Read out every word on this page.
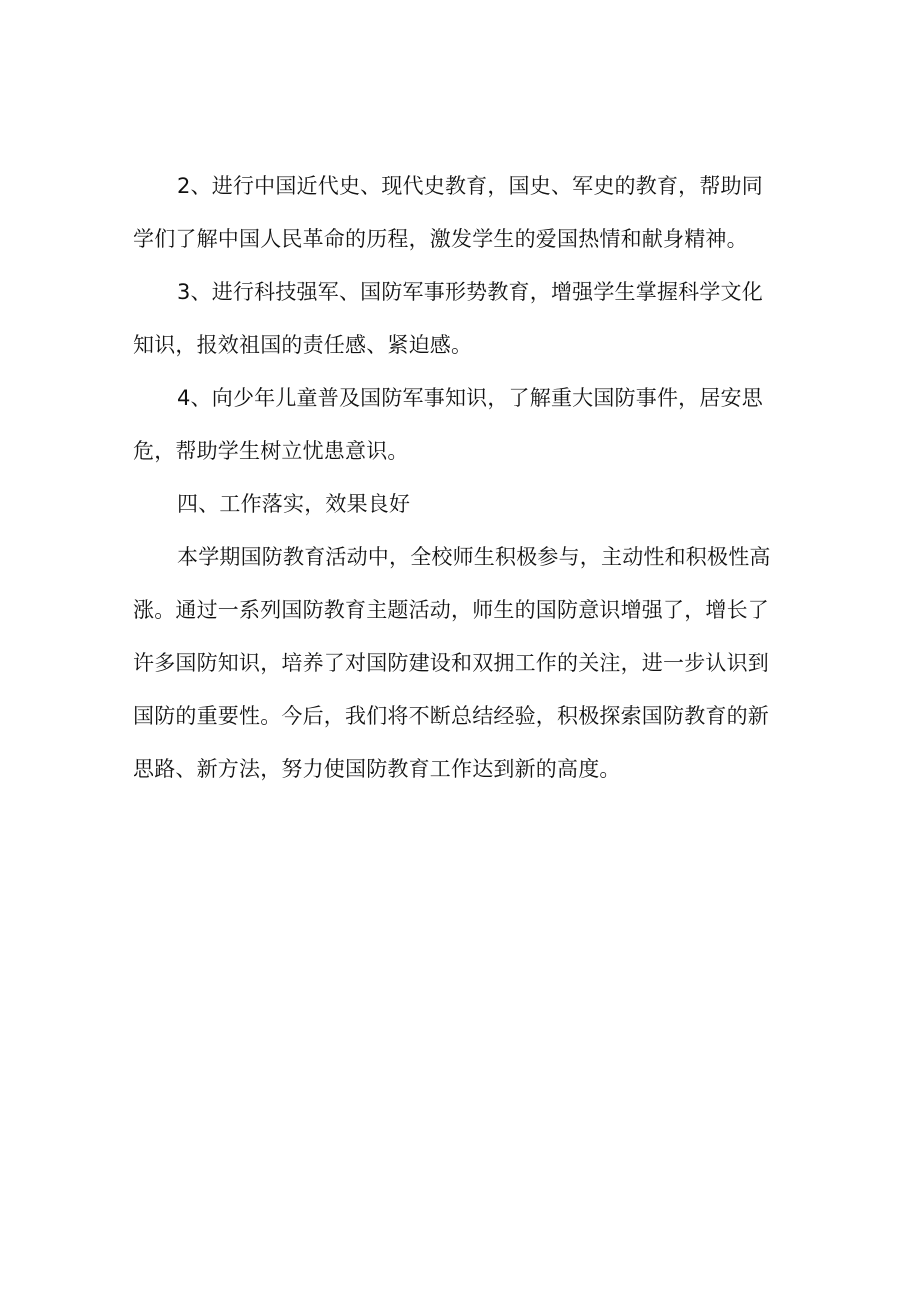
2、进行中国近代史、现代史教育，国史、军史的教育，帮助同
学们了解中国人民革命的历程，激发学生的爱国热情和献身精神。
3、进行科技强军、国防军事形势教育，增强学生掌握科学文化
知识，报效祖国的责任感、紧迫感。
4、向少年儿童普及国防军事知识，了解重大国防事件，居安思
危，帮助学生树立忧患意识。
四、工作落实，效果良好
本学期国防教育活动中，全校师生积极参与，主动性和积极性高
涨。通过一系列国防教育主题活动，师生的国防意识增强了，增长了
许多国防知识，培养了对国防建设和双拥工作的关注，进一步认识到
国防的重要性。今后，我们将不断总结经验，积极探索国防教育的新
思路、新方法，努力使国防教育工作达到新的高度。
